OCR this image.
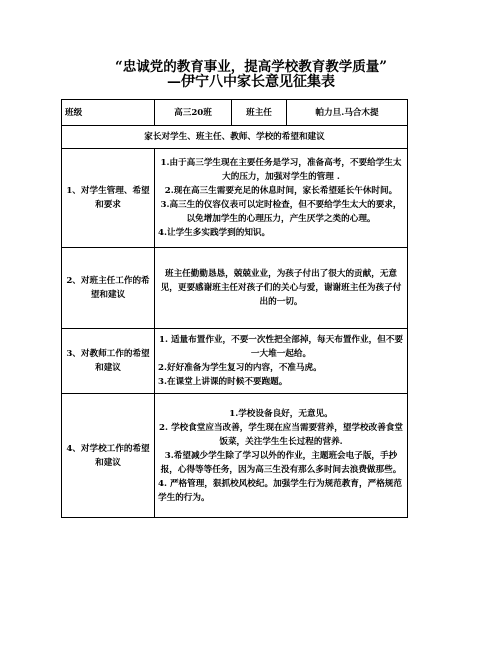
“忠诚党的教育事业，提高学校教育教学质量”
—伊宁八中家长意见征集表
班级	高三20班	班主任	帕力旦.马合木提
家长对学生、班主任、教师、学校的希望和建议			
1、对学生管理、希望和要求	1.由于高三学生现在主要任务是学习，准备高考，不要给学生太大的压力，加强对学生的管理 .

2.现在高三生需要充足的休息时间，家长希望延长午休时间。

3.高三生的仪容仪表可以定时检查，但不要给学生太大的要求，以免增加学生的心理压力，产生厌学之类的心理。

4.让学生多实践学到的知识。		

2、对班主任工作的希望和建议	班主任勤勤恳恳，兢兢业业，为孩子付出了很大的贡献，无意见，更要感谢班主任对孩子们的关心与爱，谢谢班主任为孩子付出的一切。		

3、对教师工作的希望和建议	1. 适量布置作业，不要一次性把全部掉，每天布置作业，但不要一大堆一起给。

2.好好准备为学生复习的内容，不准马虎。

3.在课堂上讲课的时候不要跑题。		

4、对学校工作的希望和建议	1.学校设备良好，无意见。

2. 学校食堂应当改善，学生现在应当需要营养，望学校改善食堂饭菜，关注学生生长过程的营养.

3.希望减少学生除了学习以外的作业，主题班会电子版，手抄报，心得等等任务，因为高三生没有那么多时间去浪费做那些。

4. 严格管理，狠抓校风校纪。加强学生行为规范教育，严格规范学生的行为。		
